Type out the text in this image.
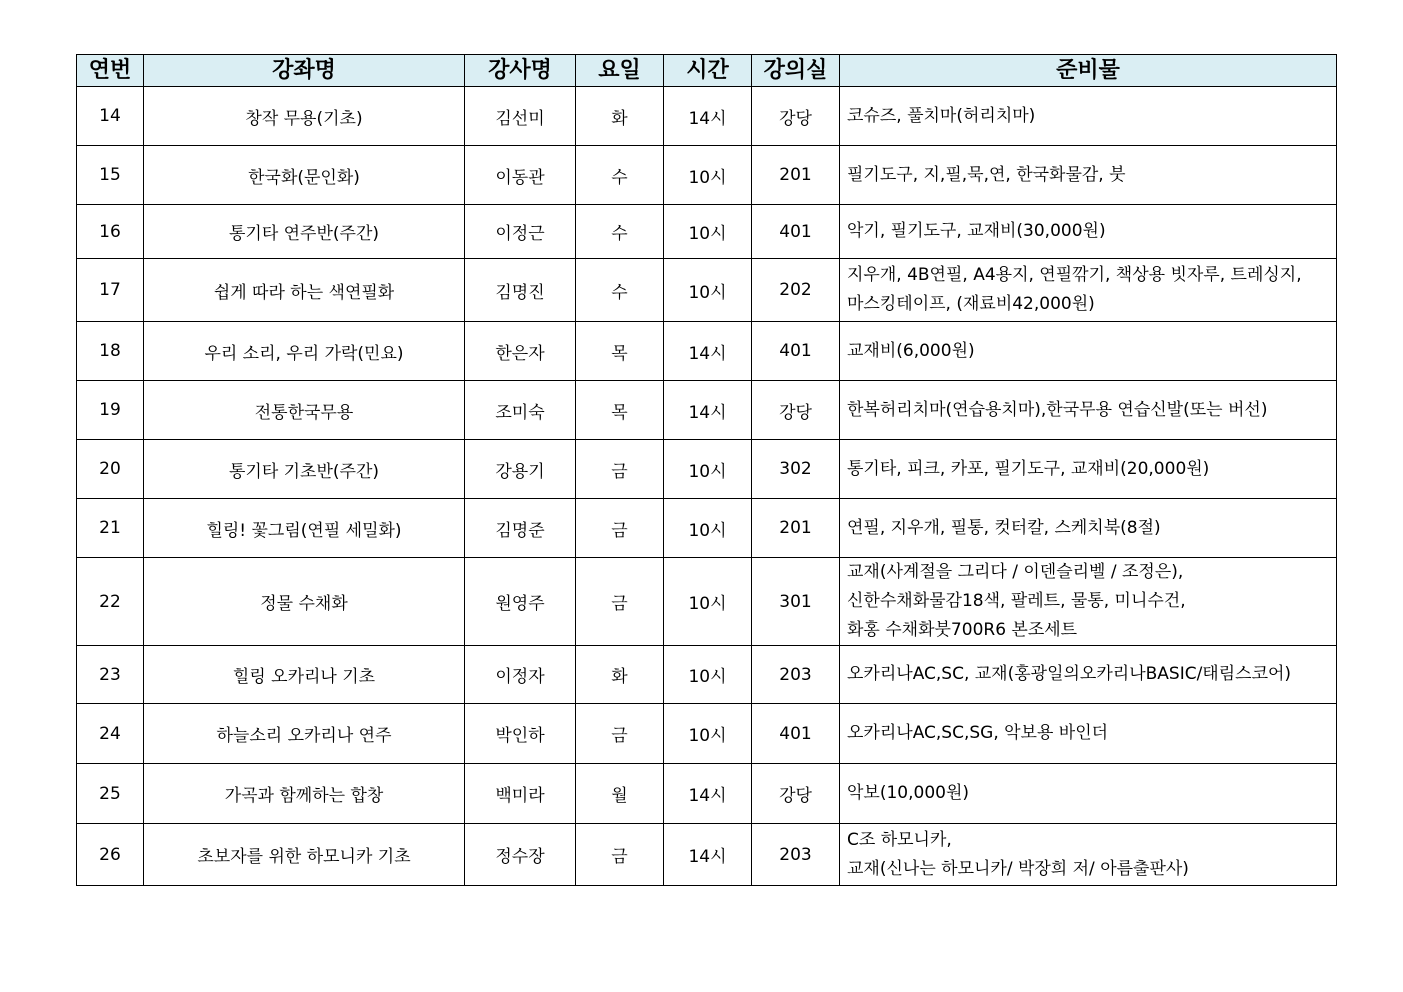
연번	강좌명	강사명	요일	시간	강의실	준비물
14	창작 무용(기초)	김선미	화	14시	강당	코슈즈, 풀치마(허리치마)

15	한국화(문인화)	이동관	수	10시	201	필기도구, 지,필,묵,연, 한국화물감, 붓

16	통기타 연주반(주간)	이정근	수	10시	401	악기, 필기도구, 교재비(30,000원)

17	쉽게 따라 하는 색연필화	김명진	수	10시	202	지우개, 4B연필, A4용지, 연필깎기, 책상용 빗자루, 트레싱지,
마스킹테이프, (재료비42,000원)

18	우리 소리, 우리 가락(민요)	한은자	목	14시	401	교재비(6,000원)

19	전통한국무용	조미숙	목	14시	강당	한복허리치마(연습용치마),한국무용 연습신발(또는 버선)

20	통기타 기초반(주간)	강용기	금	10시	302	통기타, 피크, 카포, 필기도구, 교재비(20,000원)

21	힐링! 꽃그림(연필 세밀화)	김명준	금	10시	201	연필, 지우개, 필통, 컷터칼, 스케치북(8절)

22	정물 수채화	원영주	금	10시	301	교재(사계절을 그리다 / 이덴슬리벨 / 조정은),
신한수채화물감18색, 팔레트, 물통, 미니수건,
화홍 수채화붓700R6 본조세트

23	힐링 오카리나 기초	이정자	화	10시	203	오카리나AC,SC, 교재(홍광일의오카리나BASIC/태림스코어)

24	하늘소리 오카리나 연주	박인하	금	10시	401	오카리나AC,SC,SG, 악보용 바인더

25	가곡과 함께하는 합창	백미라	월	14시	강당	악보(10,000원)

26	초보자를 위한 하모니카 기초	정수장	금	14시	203	C조 하모니카,
교재(신나는 하모니카/ 박장희 저/ 아름출판사)
